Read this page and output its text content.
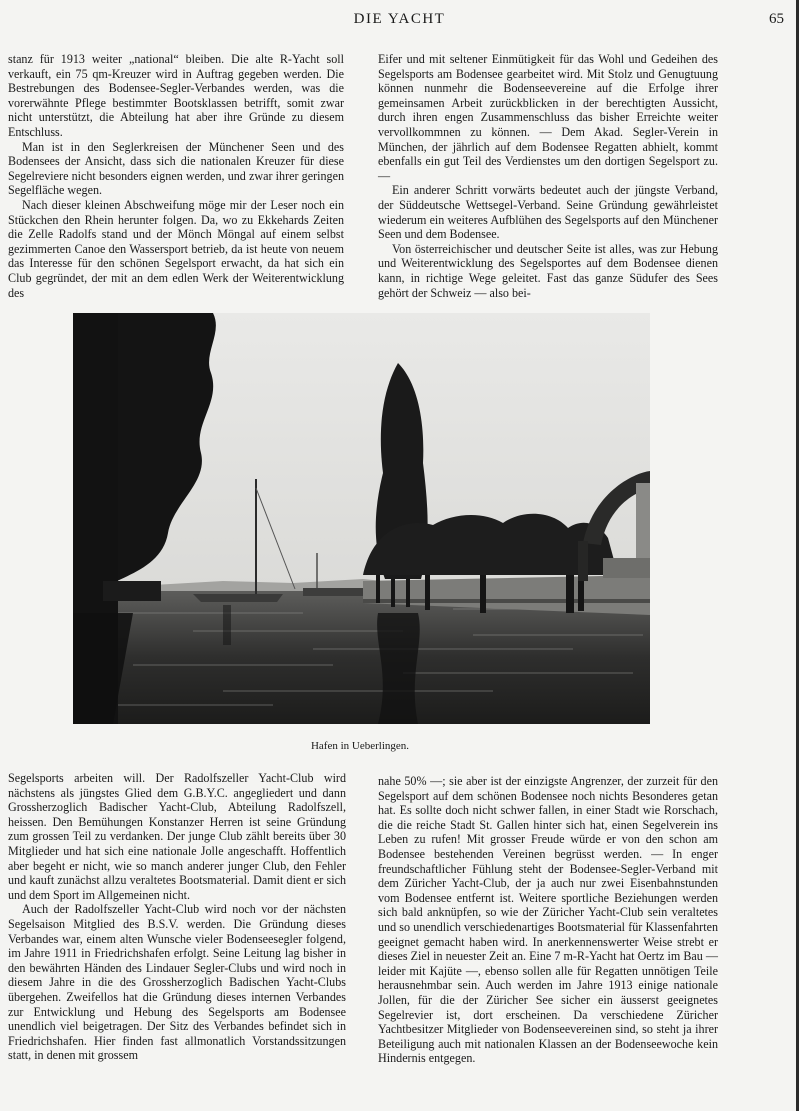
DIE YACHT	65

stanz für 1913 weiter „national“ bleiben. Die alte R-Yacht soll verkauft, ein 75 qm-Kreuzer wird in Auftrag gegeben werden. Die Bestrebungen des Bodensee-Segler-Verbandes werden, was die vorerwähnte Pflege bestimmter Bootsklassen betrifft, somit zwar nicht unterstützt, die Abteilung hat aber ihre Gründe zu diesem Entschluss.

Man ist in den Seglerkreisen der Münchener Seen und des Bodensees der Ansicht, dass sich die nationalen Kreuzer für diese Segelreviere nicht besonders eignen werden, und zwar ihrer geringen Segelfläche wegen.

Nach dieser kleinen Abschweifung möge mir der Leser noch ein Stückchen den Rhein herunter folgen. Da, wo zu Ekkehards Zeiten die Zelle Radolfs stand und der Mönch Möngal auf einem selbst gezimmerten Canoe den Wassersport betrieb, da ist heute von neuem das Interesse für den schönen Segelsport erwacht, da hat sich ein Club gegründet, der mit an dem edlen Werk der Weiterentwicklung des

Eifer und mit seltener Einmütigkeit für das Wohl und Gedeihen des Segelsports am Bodensee gearbeitet wird. Mit Stolz und Genugtuung können nunmehr die Bodenseevereine auf die Erfolge ihrer gemeinsamen Arbeit zurückblicken in der berechtigten Aussicht, durch ihren engen Zusammenschluss das bisher Erreichte weiter vervollkommnen zu können. — Dem Akad. Segler-Verein in München, der jährlich auf dem Bodensee Regatten abhielt, kommt ebenfalls ein gut Teil des Verdienstes um den dortigen Segelsport zu. —

Ein anderer Schritt vorwärts bedeutet auch der jüngste Verband, der Süddeutsche Wettsegel-Verband. Seine Gründung gewährleistet wiederum ein weiteres Aufblühen des Segelsports auf den Münchener Seen und dem Bodensee.

Von österreichischer und deutscher Seite ist alles, was zur Hebung und Weiterentwicklung des Segelsportes auf dem Bodensee dienen kann, in richtige Wege geleitet. Fast das ganze Südufer des Sees gehört der Schweiz — also bei-

Hafen in Ueberlingen.

Segelsports arbeiten will. Der Radolfszeller Yacht-Club wird nächstens als jüngstes Glied dem G.B.Y.C. angegliedert und dann Grossherzoglich Badischer Yacht-Club, Abteilung Radolfszell, heissen. Den Bemühungen Konstanzer Herren ist seine Gründung zum grossen Teil zu verdanken. Der junge Club zählt bereits über 30 Mitglieder und hat sich eine nationale Jolle angeschafft. Hoffentlich aber begeht er nicht, wie so manch anderer junger Club, den Fehler und kauft zunächst allzu veraltetes Bootsmaterial. Damit dient er sich und dem Sport im Allgemeinen nicht.

Auch der Radolfszeller Yacht-Club wird noch vor der nächsten Segelsaison Mitglied des B.S.V. werden. Die Gründung dieses Verbandes war, einem alten Wunsche vieler Bodenseesegler folgend, im Jahre 1911 in Friedrichshafen erfolgt. Seine Leitung lag bisher in den bewährten Händen des Lindauer Segler-Clubs und wird noch in diesem Jahre in die des Grossherzoglich Badischen Yacht-Clubs übergehen. Zweifellos hat die Gründung dieses internen Verbandes zur Entwicklung und Hebung des Segelsports am Bodensee unendlich viel beigetragen. Der Sitz des Verbandes befindet sich in Friedrichshafen. Hier finden fast allmonatlich Vorstandssitzungen statt, in denen mit grossem

nahe 50% —; sie aber ist der einzigste Angrenzer, der zurzeit für den Segelsport auf dem schönen Bodensee noch nichts Besonderes getan hat. Es sollte doch nicht schwer fallen, in einer Stadt wie Rorschach, die die reiche Stadt St. Gallen hinter sich hat, einen Segelverein ins Leben zu rufen! Mit grosser Freude würde er von den schon am Bodensee bestehenden Vereinen begrüsst werden. — In enger freundschaftlicher Fühlung steht der Bodensee-Segler-Verband mit dem Züricher Yacht-Club, der ja auch nur zwei Eisenbahnstunden vom Bodensee entfernt ist. Weitere sportliche Beziehungen werden sich bald anknüpfen, so wie der Züricher Yacht-Club sein veraltetes und so unendlich verschiedenartiges Bootsmaterial für Klassenfahrten geeignet gemacht haben wird. In anerkennenswerter Weise strebt er dieses Ziel in neuester Zeit an. Eine 7 m-R-Yacht hat Oertz im Bau — leider mit Kajüte —, ebenso sollen alle für Regatten unnötigen Teile herausnehmbar sein. Auch werden im Jahre 1913 einige nationale Jollen, für die der Züricher See sicher ein äusserst geeignetes Segelrevier ist, dort erscheinen. Da verschiedene Züricher Yachtbesitzer Mitglieder von Bodenseevereinen sind, so steht ja ihrer Beteiligung auch mit nationalen Klassen an der Bodenseewoche kein Hindernis entgegen.
